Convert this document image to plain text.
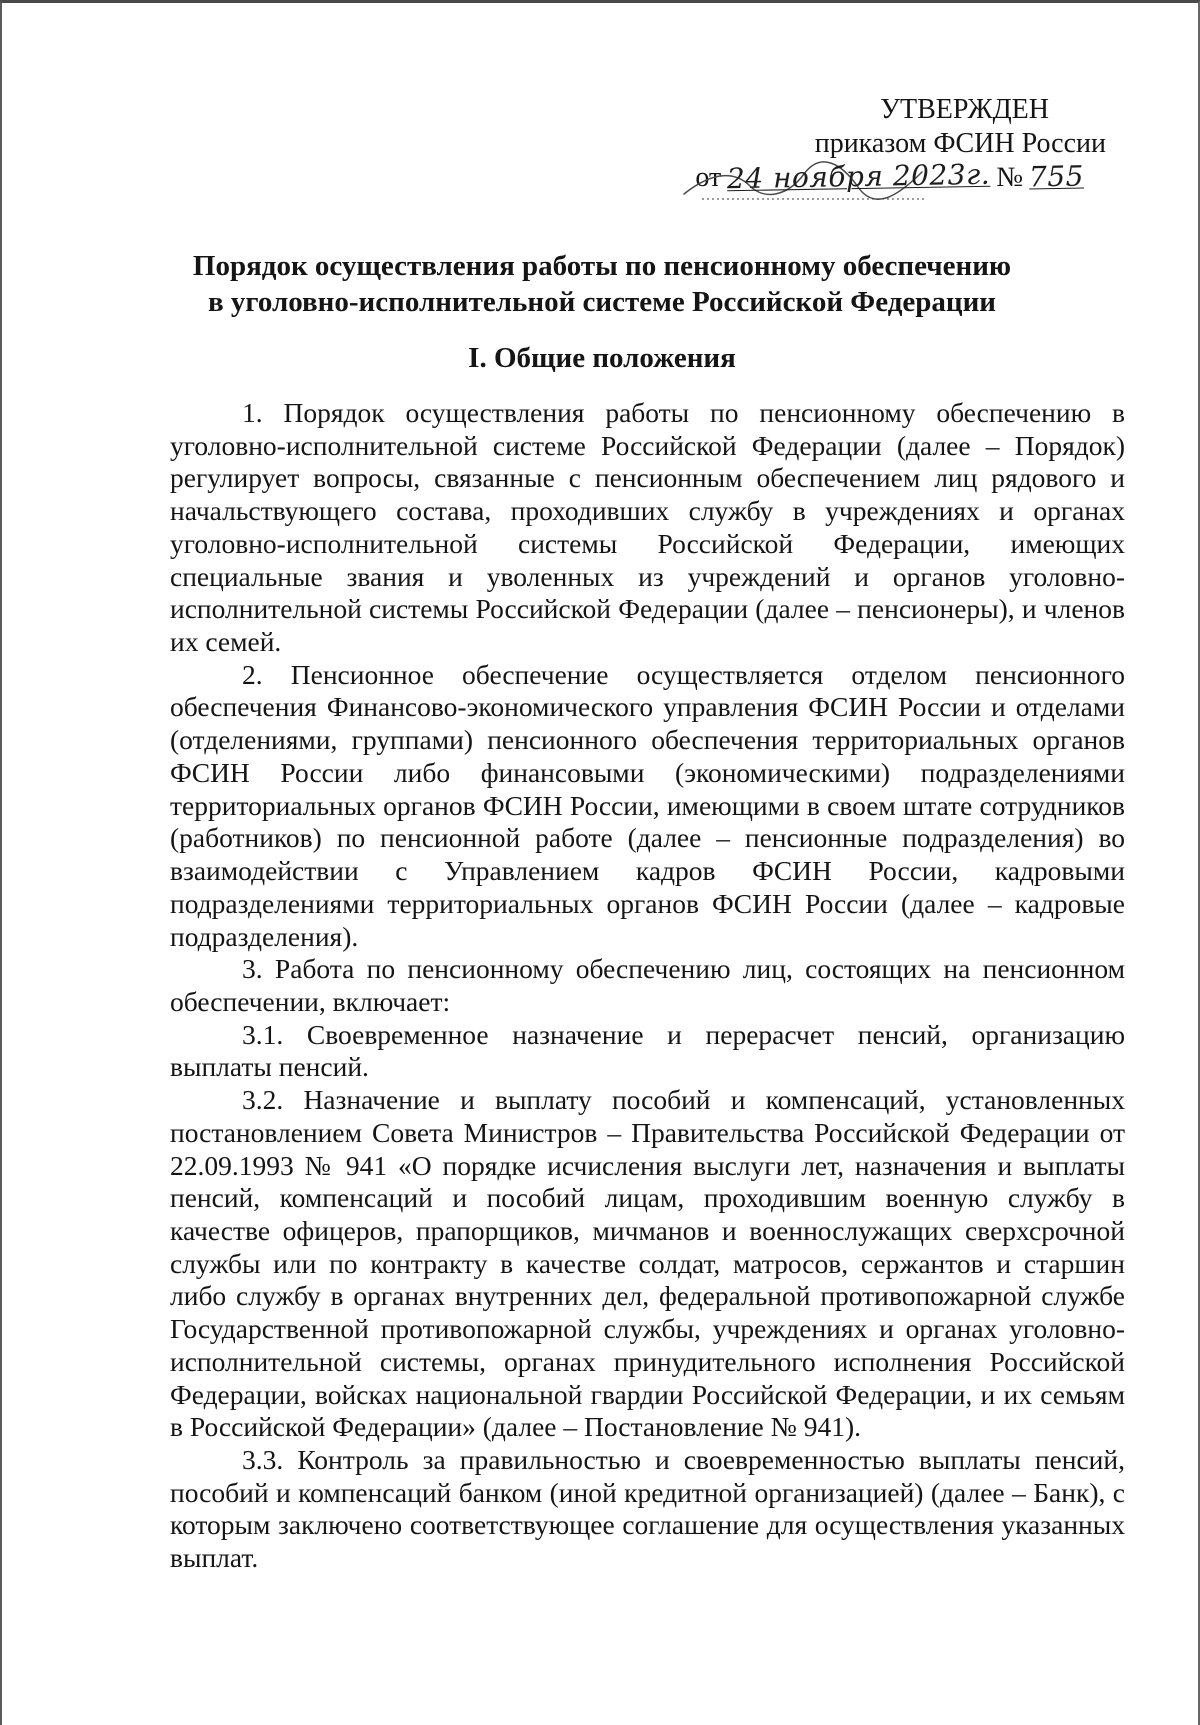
УТВЕРЖДЕН
приказом ФСИН России
от 24 ноября 2023г. № 755
Порядок осуществления работы по пенсионному обеспечению
в уголовно-исполнительной системе Российской Федерации
I. Общие положения

1. Порядок осуществления работы по пенсионному обеспечению в уголовно-исполнительной системе Российской Федерации (далее – Порядок) регулирует вопросы, связанные с пенсионным обеспечением лиц рядового и начальствующего состава, проходивших службу в учреждениях и органах уголовно-исполнительной системы Российской Федерации, имеющих специальные звания и уволенных из учреждений и органов уголовно-исполнительной системы Российской Федерации (далее – пенсионеры), и членов их семей.

2. Пенсионное обеспечение осуществляется отделом пенсионного обеспечения Финансово-экономического управления ФСИН России и отделами (отделениями, группами) пенсионного обеспечения территориальных органов ФСИН России либо финансовыми (экономическими) подразделениями территориальных органов ФСИН России, имеющими в своем штате сотрудников (работников) по пенсионной работе (далее – пенсионные подразделения) во взаимодействии с Управлением кадров ФСИН России, кадровыми подразделениями территориальных органов ФСИН России (далее – кадровые подразделения).

3. Работа по пенсионному обеспечению лиц, состоящих на пенсионном обеспечении, включает:

3.1. Своевременное назначение и перерасчет пенсий, организацию выплаты пенсий.

3.2. Назначение и выплату пособий и компенсаций, установленных постановлением Совета Министров – Правительства Российской Федерации от 22.09.1993 № 941 «О порядке исчисления выслуги лет, назначения и выплаты пенсий, компенсаций и пособий лицам, проходившим военную службу в качестве офицеров, прапорщиков, мичманов и военнослужащих сверхсрочной службы или по контракту в качестве солдат, матросов, сержантов и старшин либо службу в органах внутренних дел, федеральной противопожарной службе Государственной противопожарной службы, учреждениях и органах уголовно-исполнительной системы, органах принудительного исполнения Российской Федерации, войсках национальной гвардии Российской Федерации, и их семьям в Российской Федерации» (далее – Постановление № 941).

3.3. Контроль за правильностью и своевременностью выплаты пенсий, пособий и компенсаций банком (иной кредитной организацией) (далее – Банк), с которым заключено соответствующее соглашение для осуществления указанных выплат.
